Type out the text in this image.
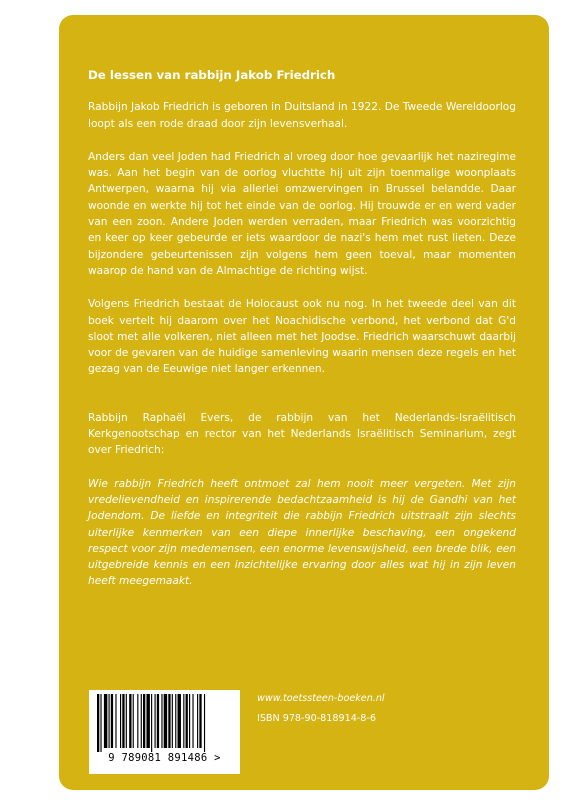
De lessen van rabbijn Jakob Friedrich
Rabbijn Jakob Friedrich is geboren in Duitsland in 1922. De Tweede Wereldoorlog loopt als een rode draad door zijn levensverhaal.
Anders dan veel Joden had Friedrich al vroeg door hoe gevaarlijk het naziregime was. Aan het begin van de oorlog vluchtte hij uit zijn toenmalige woonplaats Antwerpen, waarna hij via allerlei omzwervingen in Brussel belandde. Daar woonde en werkte hij tot het einde van de oorlog. Hij trouwde er en werd vader van een zoon. Andere Joden werden verraden, maar Friedrich was voorzichtig en keer op keer gebeurde er iets waardoor de nazi's hem met rust lieten. Deze bijzondere gebeurtenissen zijn volgens hem geen toeval, maar momenten waarop de hand van de Almachtige de richting wijst.
Volgens Friedrich bestaat de Holocaust ook nu nog. In het tweede deel van dit boek vertelt hij daarom over het Noachidische verbond, het verbond dat G'd sloot met alle volkeren, niet alleen met het Joodse. Friedrich waarschuwt daarbij voor de gevaren van de huidige samenleving waarin mensen deze regels en het gezag van de Eeuwige niet langer erkennen.
Rabbijn Raphaël Evers, de rabbijn van het Nederlands-Israëlitisch Kerkgenootschap en rector van het Nederlands Israëlitisch Seminarium, zegt over Friedrich:
Wie rabbijn Friedrich heeft ontmoet zal hem nooit meer vergeten. Met zijn vredelievendheid en inspirerende bedachtzaamheid is hij de Gandhi van het Jodendom. De liefde en integriteit die rabbijn Friedrich uitstraalt zijn slechts uiterlijke kenmerken van een diepe innerlijke beschaving, een ongekend respect voor zijn medemensen, een enorme levenswijsheid, een brede blik, een uitgebreide kennis en een inzichtelijke ervaring door alles wat hij in zijn leven heeft meegemaakt.
9 789081 891486 >
www.toetssteen-boeken.nl
ISBN 978-90-818914-8-6
